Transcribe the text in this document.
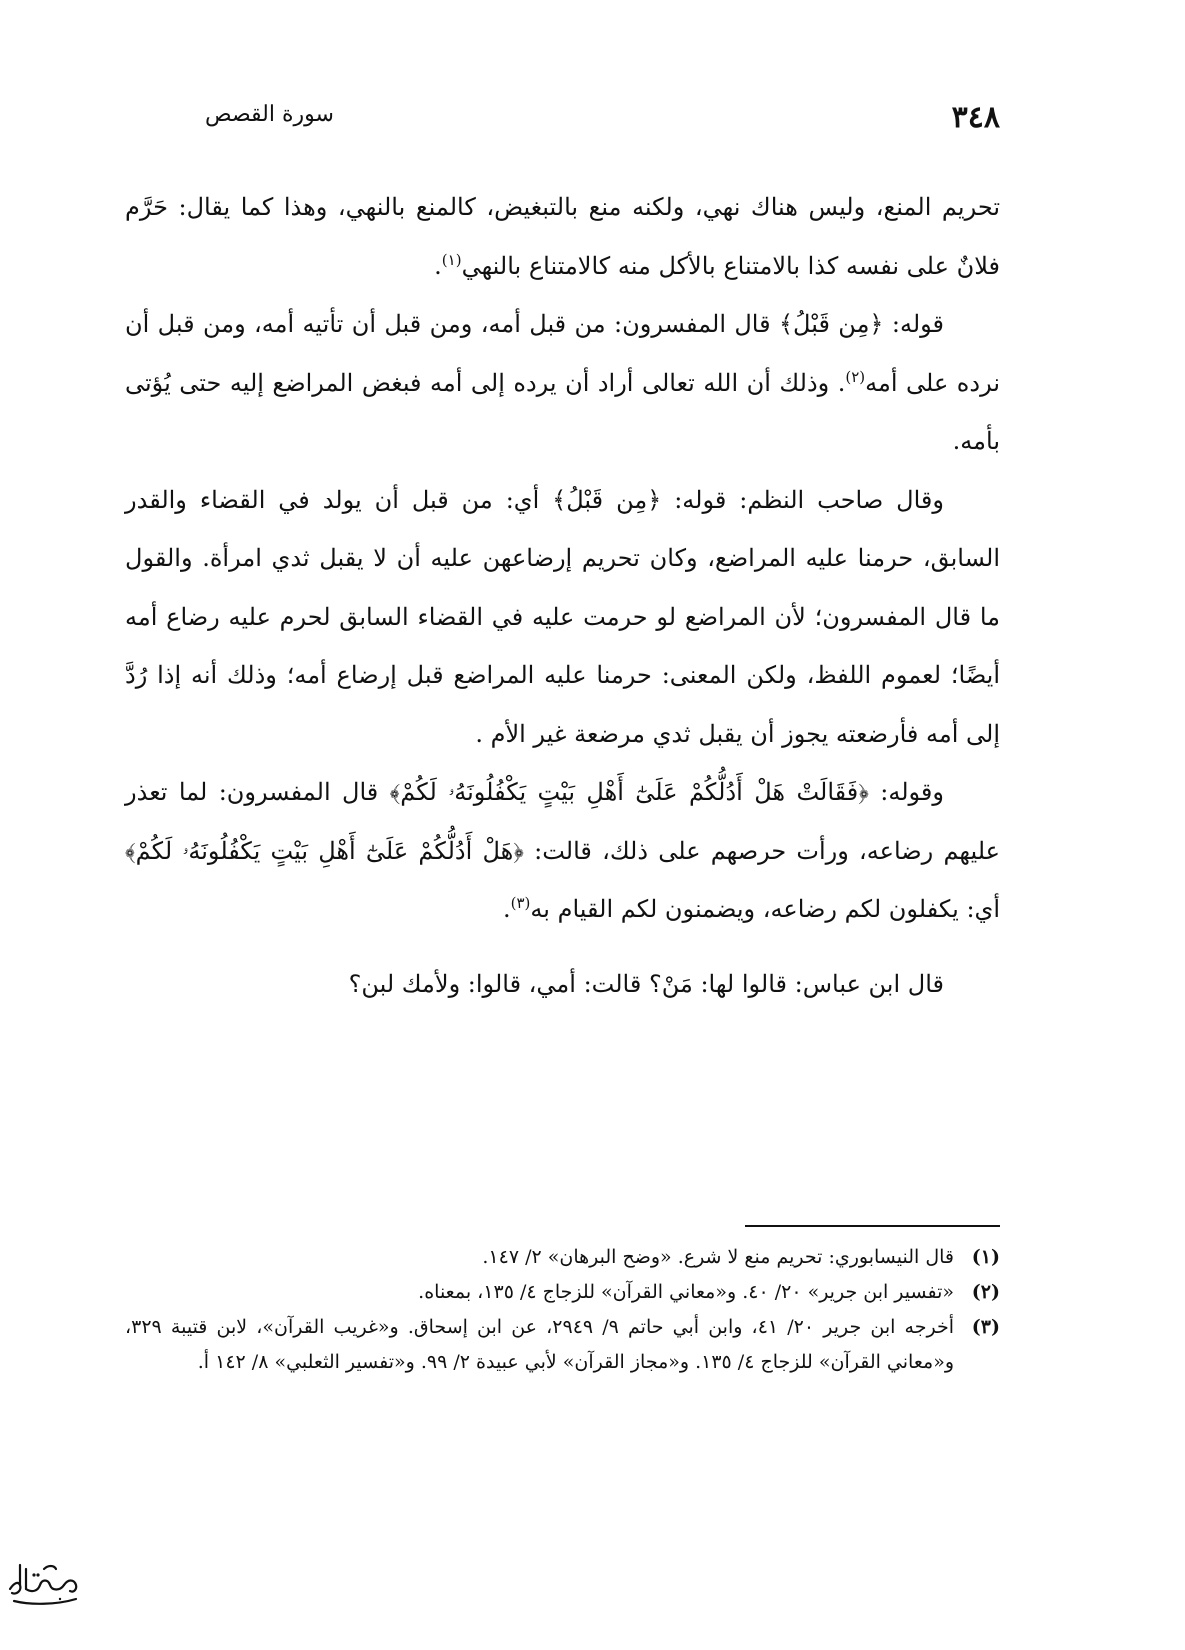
٣٤٨
سورة القصص

تحريم المنع، وليس هناك نهي، ولكنه منع بالتبغيض، كالمنع بالنهي، وهذا كما يقال: حَرَّم فلانٌ على نفسه كذا بالامتناع بالأكل منه كالامتناع بالنهي$^{(١)}$.

قوله: ﴿مِن قَبْلُ﴾ قال المفسرون: من قبل أمه، ومن قبل أن تأتيه أمه، ومن قبل أن نرده على أمه$^{(٢)}$. وذلك أن الله تعالى أراد أن يرده إلى أمه فبغض المراضع إليه حتى يُؤتى بأمه.

وقال صاحب النظم: قوله: ﴿مِن قَبْلُ﴾ أي: من قبل أن يولد في القضاء والقدر السابق، حرمنا عليه المراضع، وكان تحريم إرضاعهن عليه أن لا يقبل ثدي امرأة. والقول ما قال المفسرون؛ لأن المراضع لو حرمت عليه في القضاء السابق لحرم عليه رضاع أمه أيضًا؛ لعموم اللفظ، ولكن المعنى: حرمنا عليه المراضع قبل إرضاع أمه؛ وذلك أنه إذا رُدَّ إلى أمه فأرضعته يجوز أن يقبل ثدي مرضعة غير الأم .

وقوله: ﴿فَقَالَتْ هَلْ أَدُلُّكُمْ عَلَىٰٓ أَهْلِ بَيْتٍ يَكْفُلُونَهُۥ لَكُمْ﴾ قال المفسرون: لما تعذر عليهم رضاعه، ورأت حرصهم على ذلك، قالت: ﴿هَلْ أَدُلُّكُمْ عَلَىٰٓ أَهْلِ بَيْتٍ يَكْفُلُونَهُۥ لَكُمْ﴾ أي: يكفلون لكم رضاعه، ويضمنون لكم القيام به$^{(٣)}$.

قال ابن عباس: قالوا لها: مَنْ؟ قالت: أمي، قالوا: ولأمك لبن؟

(١)
قال النيسابوري: تحريم منع لا شرع. «وضح البرهان» ٢/ ١٤٧.
(٢)
«تفسير ابن جرير» ٢٠/ ٤٠. و«معاني القرآن» للزجاج ٤/ ١٣٥، بمعناه.
(٣)
أخرجه ابن جرير ٢٠/ ٤١، وابن أبي حاتم ٩/ ٢٩٤٩، عن ابن إسحاق. و«غريب القرآن»، لابن قتيبة ٣٢٩، و«معاني القرآن» للزجاج ٤/ ١٣٥. و«مجاز القرآن» لأبي عبيدة ٢/ ٩٩. و«تفسير الثعلبي» ٨/ ١٤٢ أ.
